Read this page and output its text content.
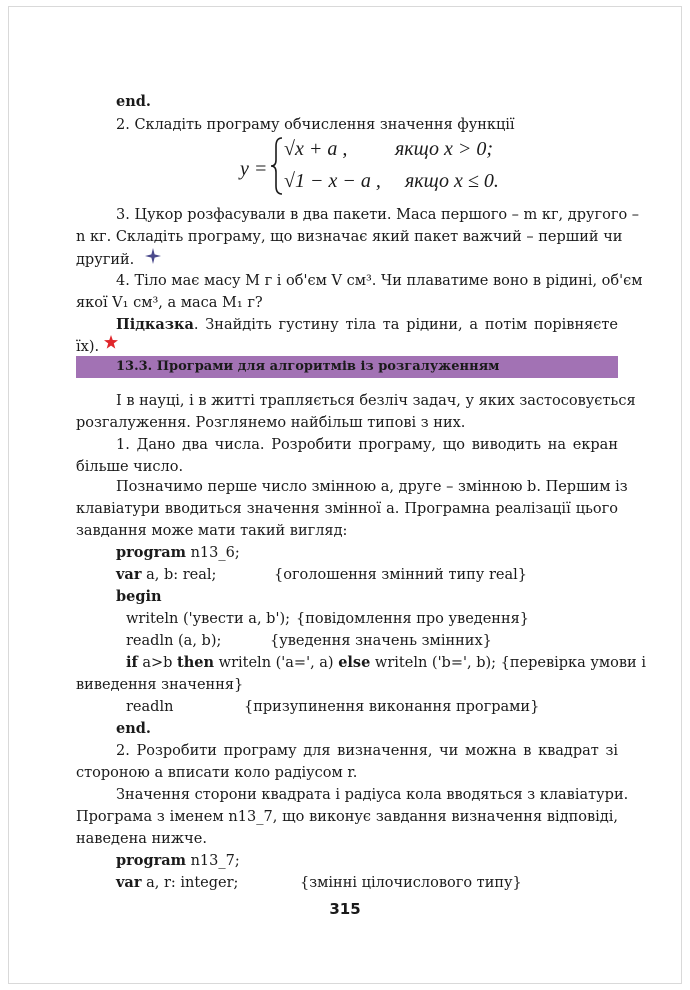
end.
2. Складіть програму обчислення значення функції
y =
√x + a , якщо x > 0;
√1 − x − a , якщо x ≤ 0.
3. Цукор розфасували в два пакети. Маса першого – m кг, другого –
n кг. Складіть програму, що визначає який пакет важчий – перший чи
другий.
4. Тіло має масу M г і об'єм V см³. Чи плаватиме воно в рідині, об'єм
якої V₁ см³, а маса M₁ г?
Підказка. Знайдіть густину тіла та рідини, а потім порівняєте
їх).
13.3. Програми для алгоритмів із розгалуженням
І в науці, і в житті трапляється безліч задач, у яких застосовується
розгалуження. Розглянемо найбільш типові з них.
1. Дано два числа. Розробити програму, що виводить на екран
більше число.
Позначимо перше число змінною a, друге – змінною b. Першим із
клавіатури вводиться значення змінної a. Програмна реалізації цього
завдання може мати такий вигляд:
program n13_6;
var a, b: real;	{оголошення змінний типу real}
begin
writeln ('увести a, b'); {повідомлення про уведення}
readln (a, b);	{уведення значень змінних}
if a>b then writeln ('a=', a) else writeln ('b=', b); {перевірка умови і
виведення значення}
readln	{призупинення виконання програми}
end.
2. Розробити програму для визначення, чи можна в квадрат зі
стороною a вписати коло радіусом r.
Значення сторони квадрата і радіуса кола вводяться з клавіатури.
Програма з іменем n13_7, що виконує завдання визначення відповіді,
наведена нижче.
program n13_7;
var a, r: integer;	{змінні цілочислового типу}
315
